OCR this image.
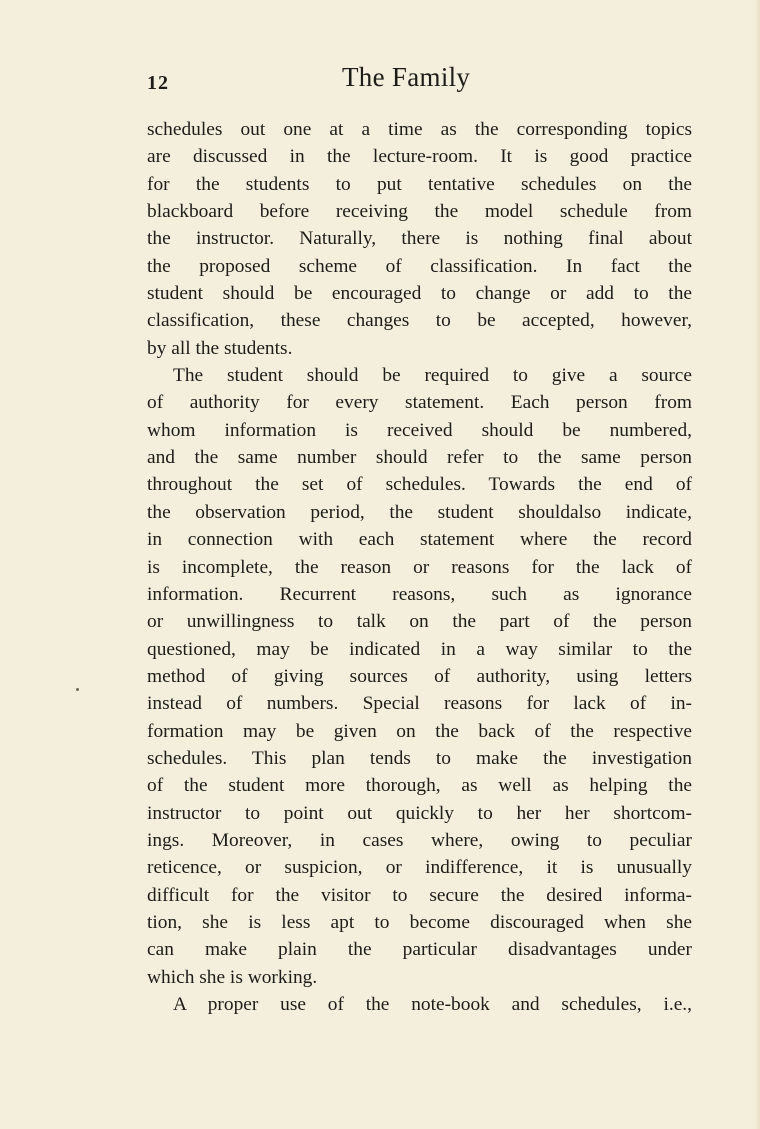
12	The Family
schedules out one at a time as the corresponding topics
are discussed in the lecture-room. It is good practice
for the students to put tentative schedules on the
blackboard before receiving the model schedule from
the instructor. Naturally, there is nothing final about
the proposed scheme of classification. In fact the
student should be encouraged to change or add to the
classification, these changes to be accepted, however,
by all the students.
The student should be required to give a source
of authority for every statement. Each person from
whom information is received should be numbered,
and the same number should refer to the same person
throughout the set of schedules. Towards the end of
the observation period, the student shouldalso indicate,
in connection with each statement where the record
is incomplete, the reason or reasons for the lack of
information. Recurrent reasons, such as ignorance
or unwillingness to talk on the part of the person
questioned, may be indicated in a way similar to the
method of giving sources of authority, using letters
instead of numbers. Special reasons for lack of in-
formation may be given on the back of the respective
schedules. This plan tends to make the investigation
of the student more thorough, as well as helping the
instructor to point out quickly to her her shortcom-
ings. Moreover, in cases where, owing to peculiar
reticence, or suspicion, or indifference, it is unusually
difficult for the visitor to secure the desired informa-
tion, she is less apt to become discouraged when she
can make plain the particular disadvantages under
which she is working.
A proper use of the note-book and schedules, i.e.,
